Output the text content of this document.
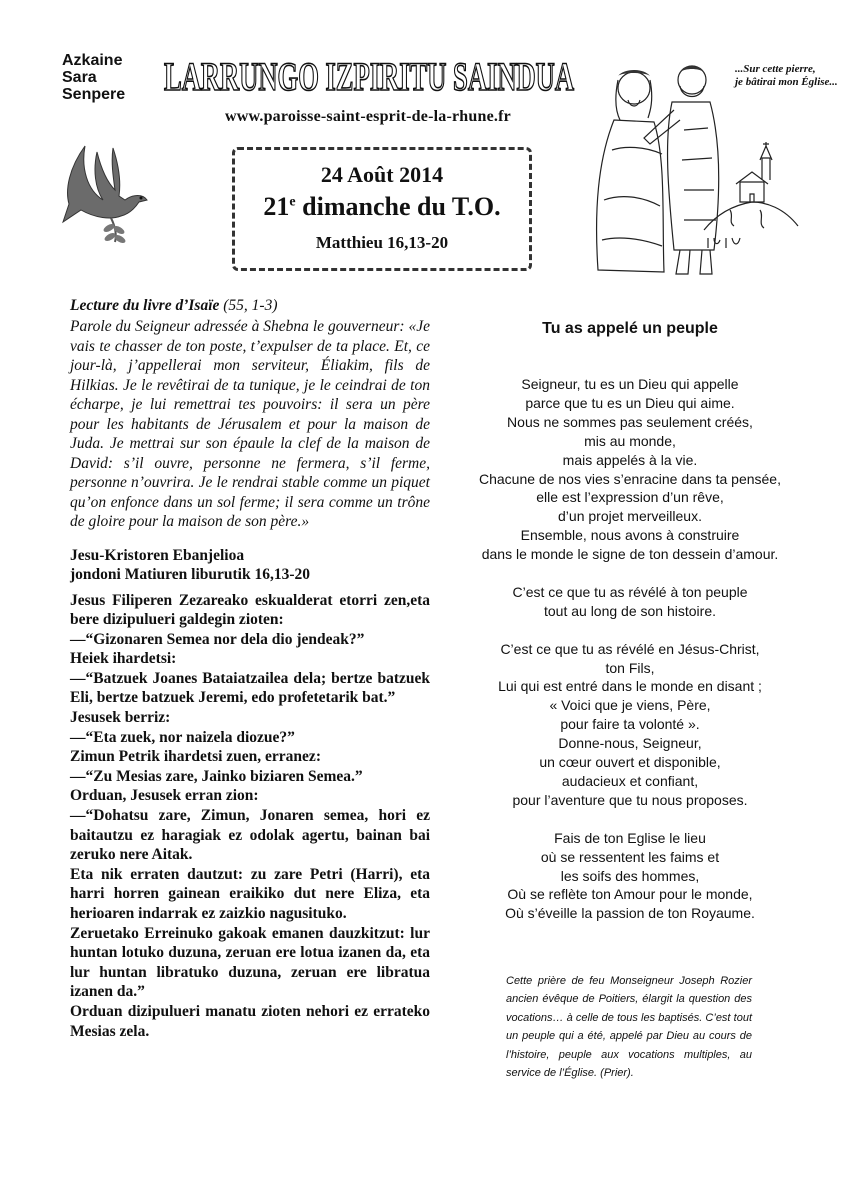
Azkaine
Sara
Senpere LARRUNGO IZPIRITU SAINDUA
www.paroisse-saint-esprit-de-la-rhune.fr
24 Août 2014
21e dimanche du T.O.
Matthieu 16,13-20
...Sur cette pierre,
je bâtirai mon Église...
Lecture du livre d’Isaïe (55, 1-3)
Parole du Seigneur adressée à Shebna le gouverneur: «Je vais te chasser de ton poste, t’expulser de ta place. Et, ce jour-là, j’appellerai mon serviteur, Éliakim, fils de Hilkias. Je le revêtirai de ta tunique, je le ceindrai de ton écharpe, je lui remettrai tes pouvoirs: il sera un père pour les habitants de Jérusalem et pour la maison de Juda. Je mettrai sur son épaule la clef de la maison de David: s’il ouvre, personne ne fermera, s’il ferme, personne n’ouvrira. Je le rendrai stable comme un piquet qu’on enfonce dans un sol ferme; il sera comme un trône de gloire pour la maison de son père.»
Jesu-Kristoren Ebanjelioa
jondoni Matiuren liburutik 16,13-20

Jesus Filiperen Zezareako eskualderat etorri zen,eta bere dizipulueri galdegin zioten:

—“Gizonaren Semea nor dela dio jendeak?”

Heiek ihardetsi:

—“Batzuek Joanes Bataiatzailea dela; bertze batzuek Eli, bertze batzuek Jeremi, edo profetetarik bat.”

Jesusek berriz:

—“Eta zuek, nor naizela diozue?”

Zimun Petrik ihardetsi zuen, erranez:

—“Zu Mesias zare, Jainko biziaren Semea.”

Orduan, Jesusek erran zion:

—“Dohatsu zare, Zimun, Jonaren semea, hori ez baitautzu ez haragiak ez odolak agertu, bainan bai zeruko nere Aitak.

Eta nik erraten dautzut: zu zare Petri (Harri), eta harri horren gainean eraikiko dut nere Eliza, eta herioaren indarrak ez zaizkio nagusituko.

Zeruetako Erreinuko gakoak emanen dauzkitzut: lur huntan lotuko duzuna, zeruan ere lotua izanen da, eta lur huntan libratuko duzuna, zeruan ere libratua izanen da.”

Orduan dizipulueri manatu zioten nehori ez errateko Mesias zela.

Tu as appelé un peuple

Seigneur, tu es un Dieu qui appelle
parce que tu es un Dieu qui aime.
Nous ne sommes pas seulement créés,
mis au monde,
mais appelés à la vie.
Chacune de nos vies s’enracine dans ta pensée,
elle est l’expression d’un rêve,
d’un projet merveilleux.
Ensemble, nous avons à construire
dans le monde le signe de ton dessein d’amour.

C’est ce que tu as révélé à ton peuple
tout au long de son histoire.

C’est ce que tu as révélé en Jésus-Christ,
ton Fils,
Lui qui est entré dans le monde en disant ;
« Voici que je viens, Père,
pour faire ta volonté ».
Donne-nous, Seigneur,
un cœur ouvert et disponible,
audacieux et confiant,
pour l’aventure que tu nous proposes.

Fais de ton Eglise le lieu
où se ressentent les faims et
les soifs des hommes,
Où se reflète ton Amour pour le monde,
Où s’éveille la passion de ton Royaume.

Cette prière de feu Monseigneur Joseph Rozier ancien évêque de Poitiers, élargit la question des vocations… à celle de tous les baptisés. C’est tout un peuple qui a été, appelé par Dieu au cours de l’histoire, peuple aux vocations multiples, au service de l’Église. (Prier).
